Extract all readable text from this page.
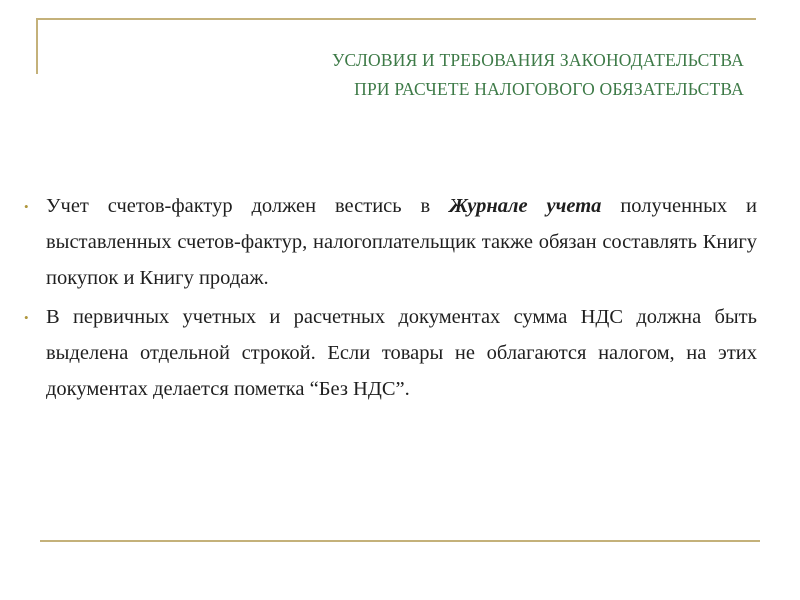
УСЛОВИЯ И ТРЕБОВАНИЯ ЗАКОНОДАТЕЛЬСТВА
ПРИ РАСЧЕТЕ НАЛОГОВОГО ОБЯЗАТЕЛЬСТВА
• Учет счетов-фактур должен вестись в Журнале учета полученных и выставленных счетов-фактур, налогоплательщик также обязан составлять Книгу покупок и Книгу продаж.
• В первичных учетных и расчетных документах сумма НДС должна быть выделена отдельной строкой. Если товары не облагаются налогом, на этих документах делается пометка “Без НДС”.
